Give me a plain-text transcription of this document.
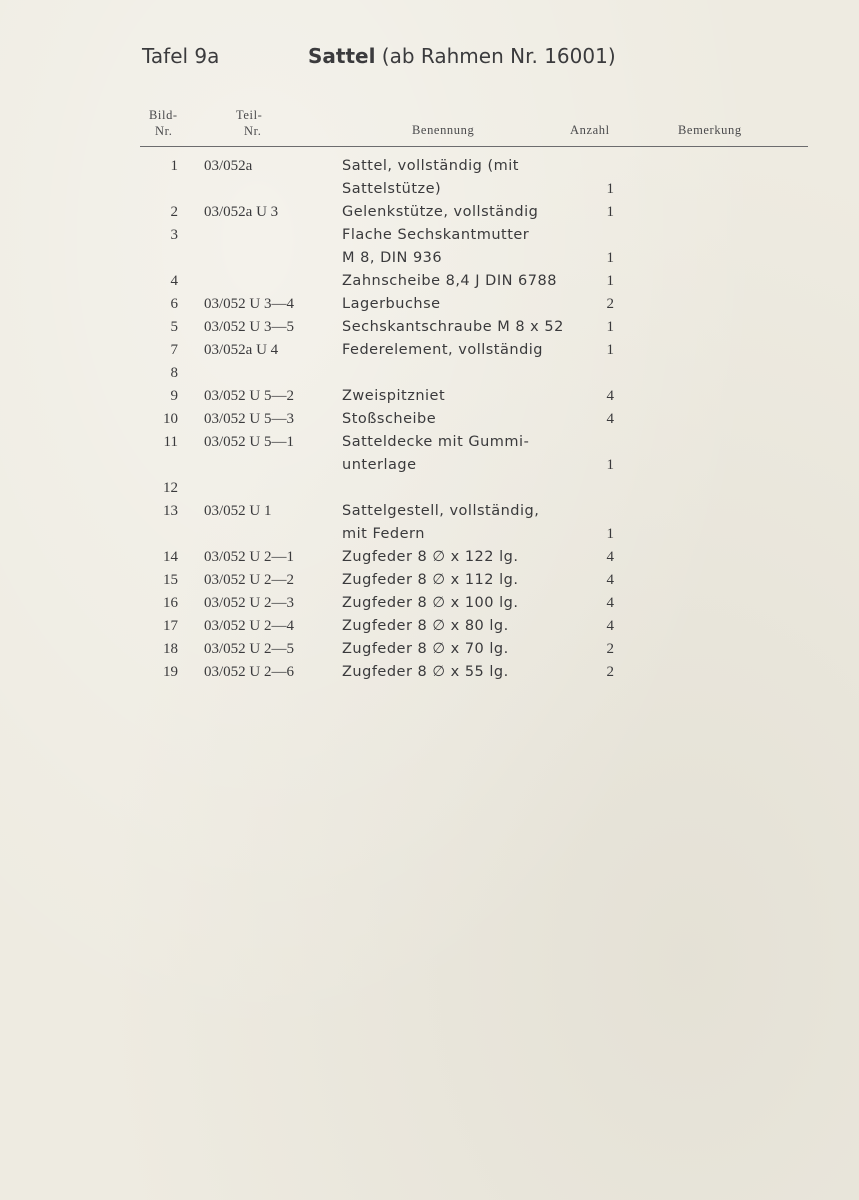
Tafel 9a	Sattel (ab Rahmen Nr. 16001)
Bild-
Nr.
Teil-
Nr.	Benennung	Anzahl	Bemerkung
1 03/052a	Sattel, vollständig (mit
Sattelstütze)	1
2 03/052a U 3	Gelenkstütze, vollständig	1
3	Flache Sechskantmutter
M 8, DIN 936	1
4	Zahnscheibe 8,4 J DIN 6788	1
6 03/052 U 3—4	Lagerbuchse	2
5 03/052 U 3—5	Sechskantschraube M 8 x 52	1
7 03/052a U 4	Federelement, vollständig	1
8
9 03/052 U 5—2	Zweispitzniet	4
10 03/052 U 5—3	Stoßscheibe	4
11 03/052 U 5—1	Satteldecke mit Gummi-
unterlage	1
12
13 03/052 U 1	Sattelgestell, vollständig,
mit Federn	1
14 03/052 U 2—1	Zugfeder 8 ∅ x 122 lg.	4
15 03/052 U 2—2	Zugfeder 8 ∅ x 112 lg.	4
16 03/052 U 2—3	Zugfeder 8 ∅ x 100 lg.	4
17 03/052 U 2—4	Zugfeder 8 ∅ x 80 lg.	4
18 03/052 U 2—5	Zugfeder 8 ∅ x 70 lg.	2
19 03/052 U 2—6	Zugfeder 8 ∅ x 55 lg.	2
